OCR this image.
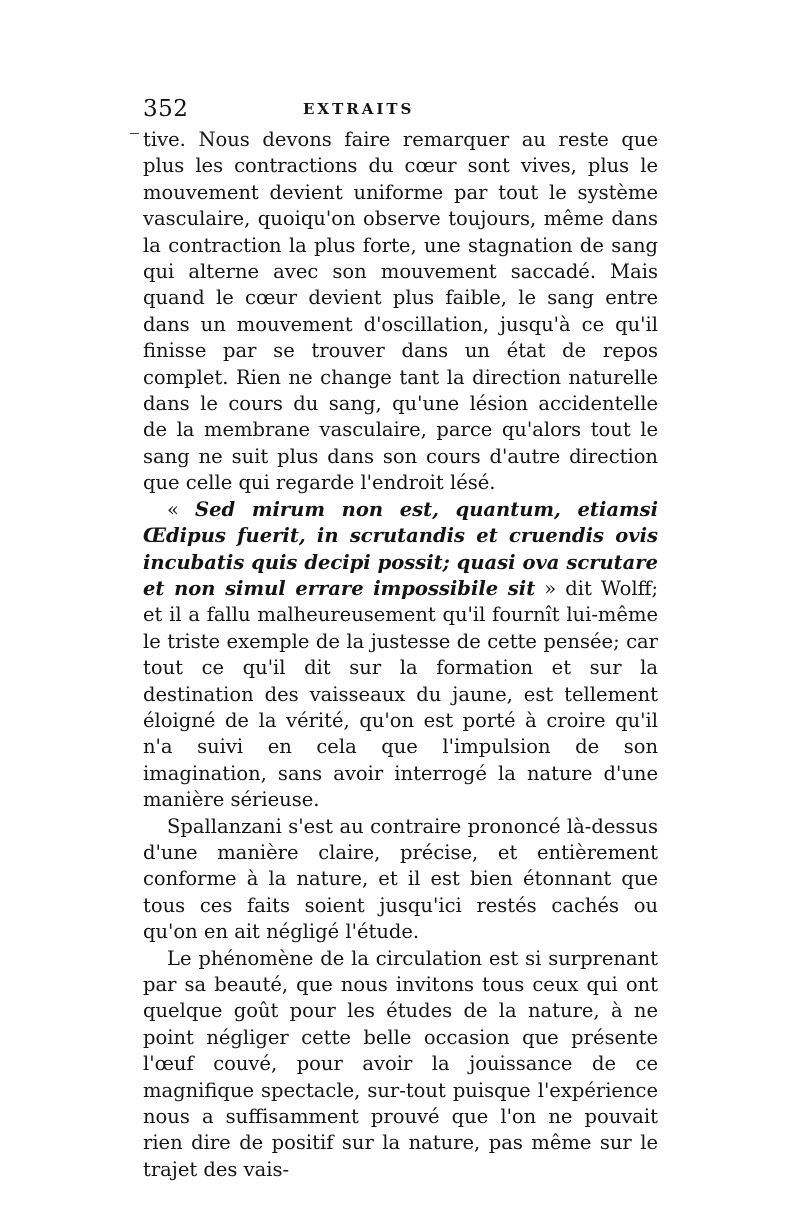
352	EXTRAITS

tive. Nous devons faire remarquer au reste que plus les contractions du cœur sont vives, plus le mouvement devient uniforme par tout le système vasculaire, quoiqu'on observe toujours, même dans la contraction la plus forte, une stagnation de sang qui alterne avec son mouvement saccadé. Mais quand le cœur devient plus faible, le sang entre dans un mouvement d'oscillation, jusqu'à ce qu'il finisse par se trouver dans un état de repos complet. Rien ne change tant la direction naturelle dans le cours du sang, qu'une lésion accidentelle de la membrane vasculaire, parce qu'alors tout le sang ne suit plus dans son cours d'autre direction que celle qui regarde l'endroit lésé.

« Sed mirum non est, quantum, etiamsi Œdipus fuerit, in scrutandis et cruendis ovis incubatis quis decipi possit; quasi ova scrutare et non simul errare impossibile sit » dit Wolff; et il a fallu malheureusement qu'il fournît lui-même le triste exemple de la justesse de cette pensée; car tout ce qu'il dit sur la formation et sur la destination des vaisseaux du jaune, est tellement éloigné de la vérité, qu'on est porté à croire qu'il n'a suivi en cela que l'impulsion de son imagination, sans avoir interrogé la nature d'une manière sérieuse.

Spallanzani s'est au contraire prononcé là-dessus d'une manière claire, précise, et entièrement conforme à la nature, et il est bien étonnant que tous ces faits soient jusqu'ici restés cachés ou qu'on en ait négligé l'étude.

Le phénomène de la circulation est si surprenant par sa beauté, que nous invitons tous ceux qui ont quelque goût pour les études de la nature, à ne point négliger cette belle occasion que présente l'œuf couvé, pour avoir la jouissance de ce magnifique spectacle, sur-tout puisque l'expérience nous a suffisamment prouvé que l'on ne pouvait rien dire de positif sur la nature, pas même sur le trajet des vais-
